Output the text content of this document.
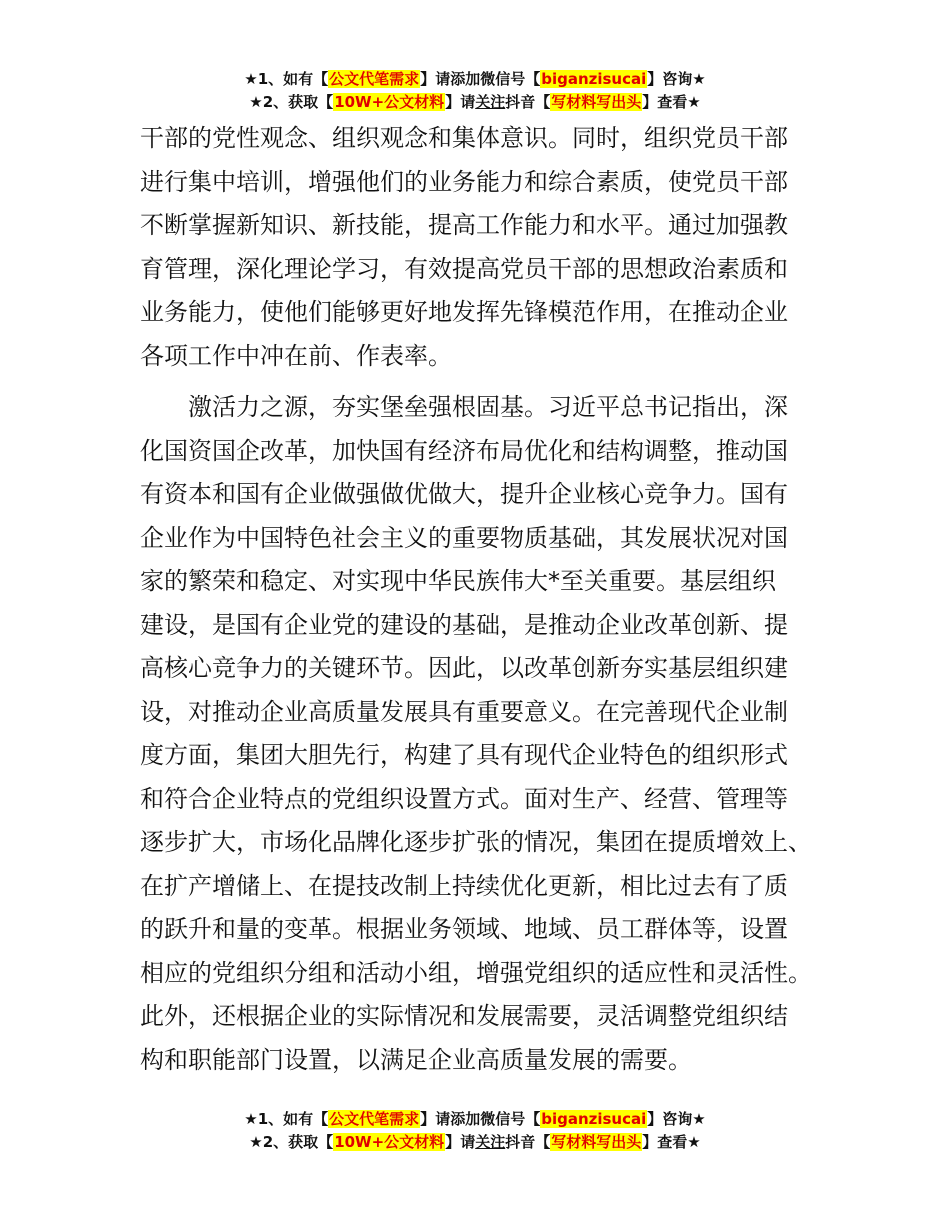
★1、如有【公文代笔需求】请添加微信号【biganzisucai】咨询★
★2、获取【10W+公文材料】请关注抖音【写材料写出头】查看★

干部的党性观念、组织观念和集体意识。同时，组织党员干部
进行集中培训，增强他们的业务能力和综合素质，使党员干部
不断掌握新知识、新技能，提高工作能力和水平。通过加强教
育管理，深化理论学习，有效提高党员干部的思想政治素质和
业务能力，使他们能够更好地发挥先锋模范作用，在推动企业
各项工作中冲在前、作表率。

激活力之源，夯实堡垒强根固基。习近平总书记指出，深
化国资国企改革，加快国有经济布局优化和结构调整，推动国
有资本和国有企业做强做优做大，提升企业核心竞争力。国有
企业作为中国特色社会主义的重要物质基础，其发展状况对国
家的繁荣和稳定、对实现中华民族伟大*至关重要。基层组织
建设，是国有企业党的建设的基础，是推动企业改革创新、提
高核心竞争力的关键环节。因此，以改革创新夯实基层组织建
设，对推动企业高质量发展具有重要意义。在完善现代企业制
度方面，集团大胆先行，构建了具有现代企业特色的组织形式
和符合企业特点的党组织设置方式。面对生产、经营、管理等
逐步扩大，市场化品牌化逐步扩张的情况，集团在提质增效上、
在扩产增储上、在提技改制上持续优化更新，相比过去有了质
的跃升和量的变革。根据业务领域、地域、员工群体等，设置
相应的党组织分组和活动小组，增强党组织的适应性和灵活性。
此外，还根据企业的实际情况和发展需要，灵活调整党组织结
构和职能部门设置，以满足企业高质量发展的需要。

★1、如有【公文代笔需求】请添加微信号【biganzisucai】咨询★
★2、获取【10W+公文材料】请关注抖音【写材料写出头】查看★
